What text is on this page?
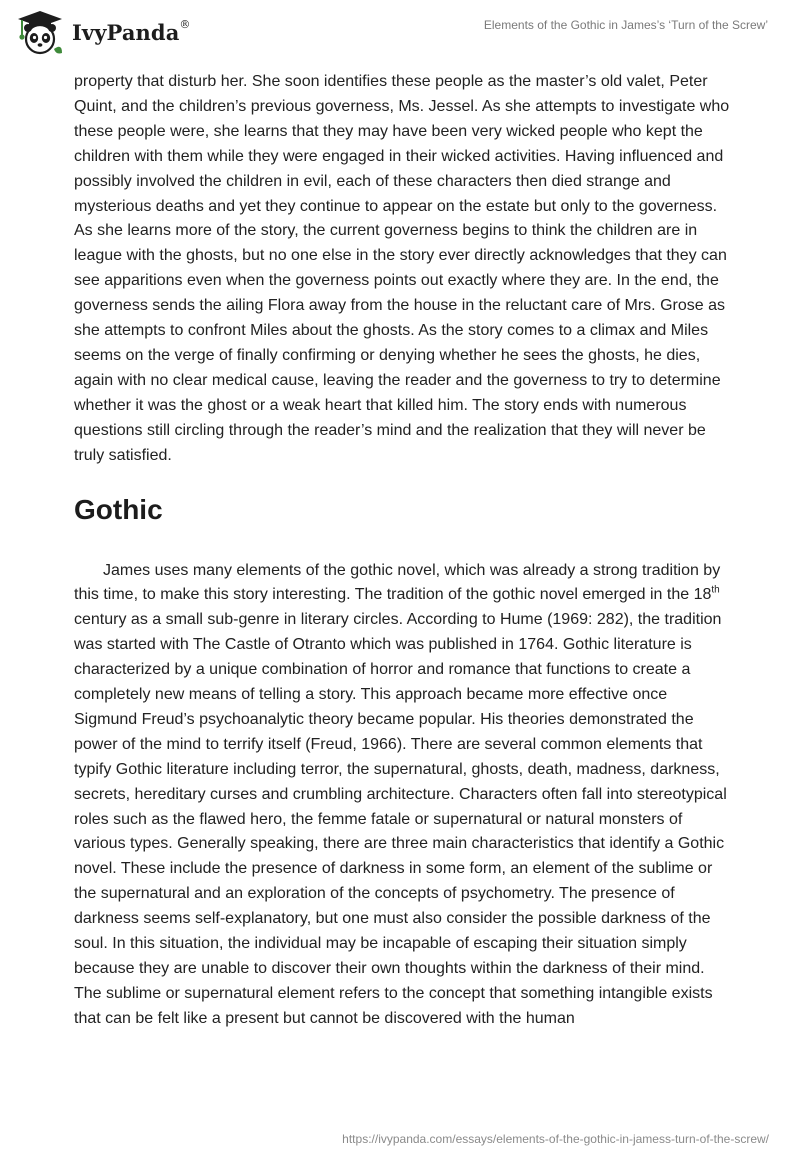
IvyPanda®	Elements of the Gothic in James’s ‘Turn of the Screw’

property that disturb her. She soon identifies these people as the master’s old valet, Peter Quint, and the children’s previous governess, Ms. Jessel. As she attempts to investigate who these people were, she learns that they may have been very wicked people who kept the children with them while they were engaged in their wicked activities. Having influenced and possibly involved the children in evil, each of these characters then died strange and mysterious deaths and yet they continue to appear on the estate but only to the governess. As she learns more of the story, the current governess begins to think the children are in league with the ghosts, but no one else in the story ever directly acknowledges that they can see apparitions even when the governess points out exactly where they are. In the end, the governess sends the ailing Flora away from the house in the reluctant care of Mrs. Grose as she attempts to confront Miles about the ghosts. As the story comes to a climax and Miles seems on the verge of finally confirming or denying whether he sees the ghosts, he dies, again with no clear medical cause, leaving the reader and the governess to try to determine whether it was the ghost or a weak heart that killed him. The story ends with numerous questions still circling through the reader’s mind and the realization that they will never be truly satisfied.

Gothic

James uses many elements of the gothic novel, which was already a strong tradition by this time, to make this story interesting. The tradition of the gothic novel emerged in the 18th century as a small sub-genre in literary circles. According to Hume (1969: 282), the tradition was started with The Castle of Otranto which was published in 1764. Gothic literature is characterized by a unique combination of horror and romance that functions to create a completely new means of telling a story. This approach became more effective once Sigmund Freud’s psychoanalytic theory became popular. His theories demonstrated the power of the mind to terrify itself (Freud, 1966). There are several common elements that typify Gothic literature including terror, the supernatural, ghosts, death, madness, darkness, secrets, hereditary curses and crumbling architecture. Characters often fall into stereotypical roles such as the flawed hero, the femme fatale or supernatural or natural monsters of various types. Generally speaking, there are three main characteristics that identify a Gothic novel. These include the presence of darkness in some form, an element of the sublime or the supernatural and an exploration of the concepts of psychometry. The presence of darkness seems self-explanatory, but one must also consider the possible darkness of the soul. In this situation, the individual may be incapable of escaping their situation simply because they are unable to discover their own thoughts within the darkness of their mind. The sublime or supernatural element refers to the concept that something intangible exists that can be felt like a present but cannot be discovered with the human

https://ivypanda.com/essays/elements-of-the-gothic-in-jamess-turn-of-the-screw/
